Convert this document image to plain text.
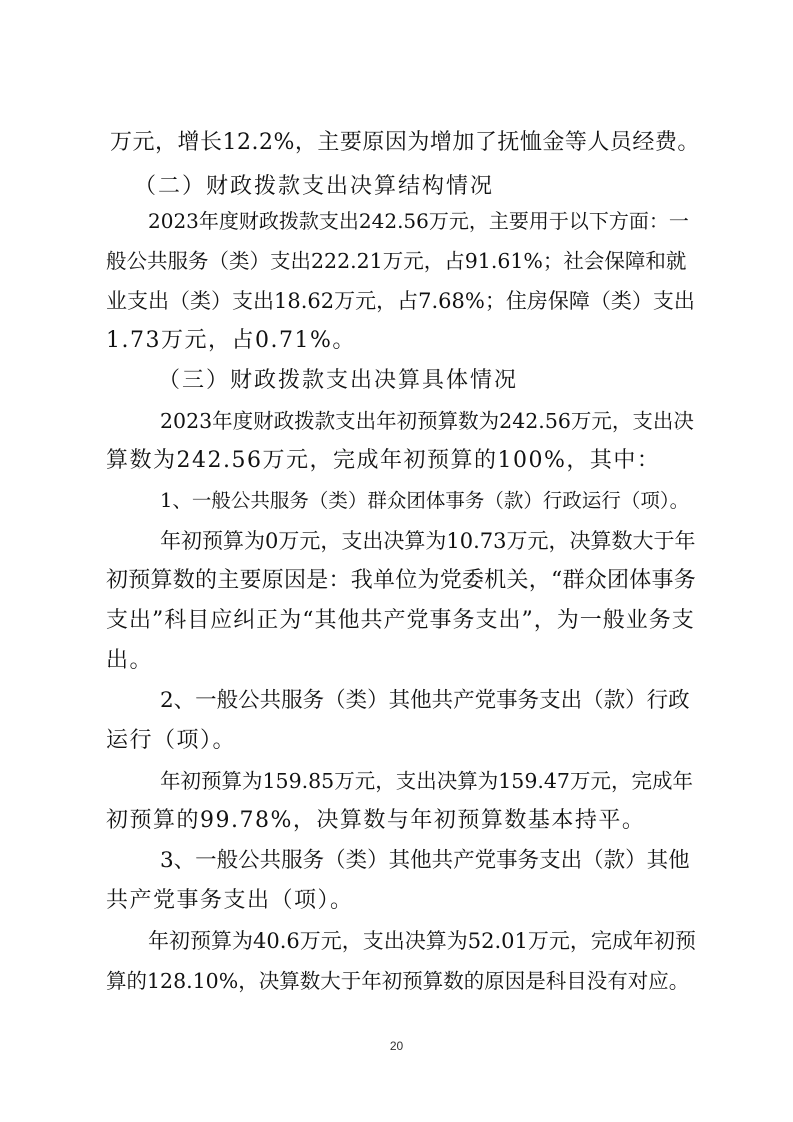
万元，增长12.2%，主要原因为增加了抚恤金等人员经费。

（二）财政拨款支出决算结构情况

2023年度财政拨款支出242.56万元，主要用于以下方面：一

般公共服务（类）支出222.21万元，占91.61%；社会保障和就

业支出（类）支出18.62万元，占7.68%；住房保障（类）支出

1.73万元，占0.71%。

（三）财政拨款支出决算具体情况

2023年度财政拨款支出年初预算数为242.56万元，支出决

算数为242.56万元，完成年初预算的100%，其中：

1、一般公共服务（类）群众团体事务（款）行政运行（项）。

年初预算为0万元，支出决算为10.73万元，决算数大于年

初预算数的主要原因是：我单位为党委机关，“群众团体事务

支出”科目应纠正为“其他共产党事务支出”，为一般业务支

出。

2、一般公共服务（类）其他共产党事务支出（款）行政

运行（项）。

年初预算为159.85万元，支出决算为159.47万元，完成年

初预算的99.78%，决算数与年初预算数基本持平。

3、一般公共服务（类）其他共产党事务支出（款）其他

共产党事务支出（项）。

年初预算为40.6万元，支出决算为52.01万元，完成年初预

算的128.10%，决算数大于年初预算数的原因是科目没有对应。

20
